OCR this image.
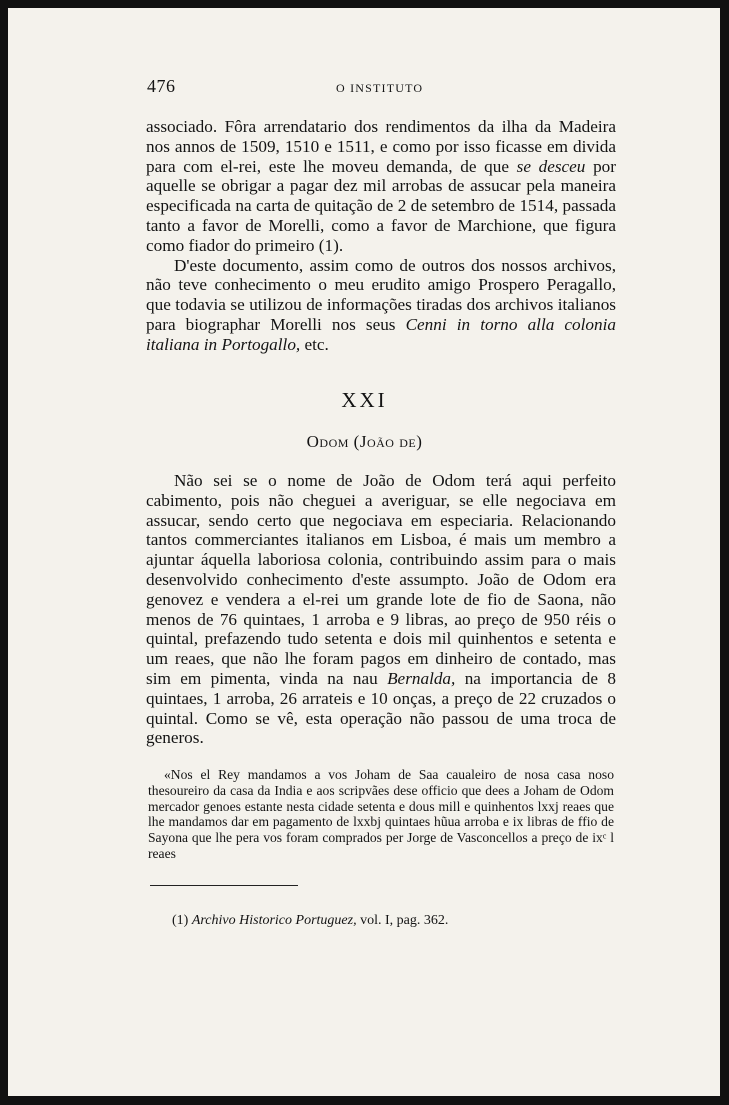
476	O INSTITUTO

associado. Fôra arrendatario dos rendimentos da ilha da Madeira nos annos de 1509, 1510 e 1511, e como por isso ficasse em divida para com el-rei, este lhe moveu demanda, de que se desceu por aquelle se obrigar a pagar dez mil arrobas de assucar pela maneira especificada na carta de quitação de 2 de setembro de 1514, passada tanto a favor de Morelli, como a favor de Marchione, que figura como fiador do primeiro (1).

D'este documento, assim como de outros dos nossos archivos, não teve conhecimento o meu erudito amigo Prospero Peragallo, que todavia se utilizou de informações tiradas dos archivos italianos para biographar Morelli nos seus Cenni in torno alla colonia italiana in Portogallo, etc.

XXI
Odom (João de)

Não sei se o nome de João de Odom terá aqui perfeito cabimento, pois não cheguei a averiguar, se elle negociava em assucar, sendo certo que negociava em especiaria. Relacionando tantos commerciantes italianos em Lisboa, é mais um membro a ajuntar áquella laboriosa colonia, contribuindo assim para o mais desenvolvido conhecimento d'este assumpto. João de Odom era genovez e vendera a el-rei um grande lote de fio de Saona, não menos de 76 quintaes, 1 arroba e 9 libras, ao preço de 950 réis o quintal, prefazendo tudo setenta e dois mil quinhentos e setenta e um reaes, que não lhe foram pagos em dinheiro de contado, mas sim em pimenta, vinda na nau Bernalda, na importancia de 8 quintaes, 1 arroba, 26 arrateis e 10 onças, a preço de 22 cruzados o quintal. Como se vê, esta operação não passou de uma troca de generos.

«Nos el Rey mandamos a vos Joham de Saa caualeiro de nosa casa noso thesoureiro da casa da India e aos scripvães dese officio que dees a Joham de Odom mercador genoes estante nesta cidade setenta e dous mill e quinhentos lxxj reaes que lhe mandamos dar em pagamento de lxxbj quintaes hũua arroba e ix libras de ffio de Sayona que lhe pera vos foram comprados per Jorge de Vasconcellos a preço de ixᶜ l reaes

(1) Archivo Historico Portuguez, vol. I, pag. 362.
